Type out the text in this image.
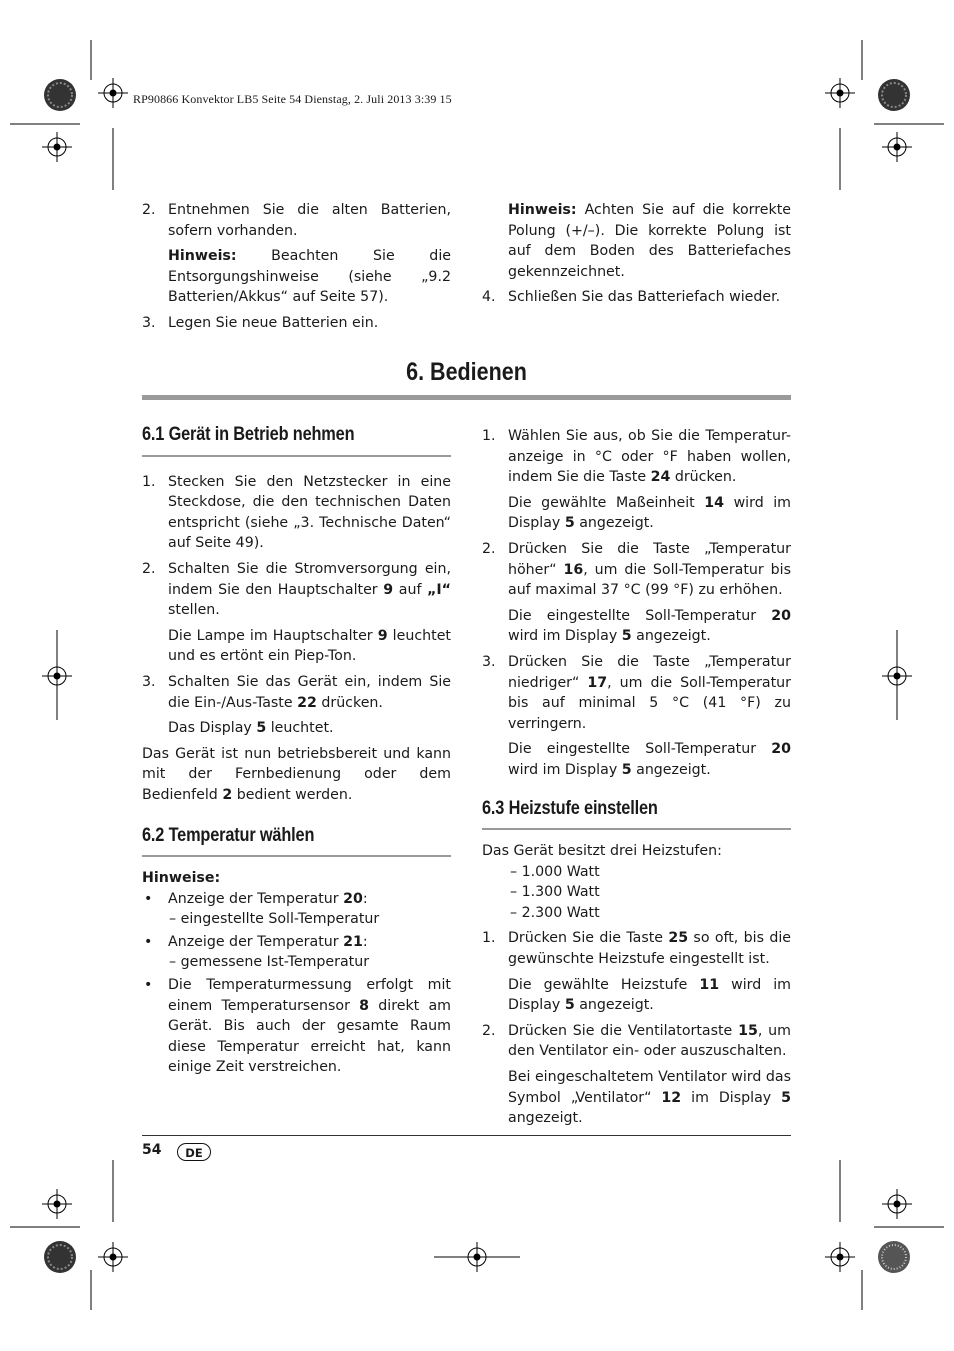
RP90866 Konvektor LB5 Seite 54 Dienstag, 2. Juli 2013 3:39 15
2. Entnehmen Sie die alten Batterien, sofern vorhanden.

Hinweis: Beachten Sie die Entsorgungshinweise (siehe „9.2 Batterien/Akkus“ auf Seite 57).

3. Legen Sie neue Batterien ein.

Hinweis: Achten Sie auf die korrekte Polung (+/–). Die korrekte Polung ist auf dem Boden des Batteriefaches gekennzeichnet.

4. Schließen Sie das Batteriefach wieder.
6. Bedienen
6.1 Gerät in Betrieb nehmen
1. Stecken Sie den Netzstecker in eine Steckdose, die den technischen Daten entspricht (siehe „3. Technische Daten“ auf Seite 49).
2. Schalten Sie die Stromversorgung ein, indem Sie den Hauptschalter 9 auf „I“ stellen.

Die Lampe im Hauptschalter 9 leuchtet und es ertönt ein Piep-Ton.

3. Schalten Sie das Gerät ein, indem Sie die Ein-/Aus-Taste 22 drücken.

Das Display 5 leuchtet.

Das Gerät ist nun betriebsbereit und kann mit der Fernbedienung oder dem Bedienfeld 2 bedient werden.

6.2 Temperatur wählen

Hinweise:

• Anzeige der Temperatur 20:

– eingestellte Soll-Temperatur

• Anzeige der Temperatur 21:

– gemessene Ist-Temperatur

• Die Temperaturmessung erfolgt mit einem Temperatursensor 8 direkt am Gerät. Bis auch der gesamte Raum diese Temperatur erreicht hat, kann einige Zeit verstreichen.
1. Wählen Sie aus, ob Sie die Temperatur-anzeige in °C oder °F haben wollen, indem Sie die Taste 24 drücken.

Die gewählte Maßeinheit 14 wird im Display 5 angezeigt.

2. Drücken Sie die Taste „Temperatur höher“ 16, um die Soll-Temperatur bis auf maximal 37 °C (99 °F) zu erhöhen.

Die eingestellte Soll-Temperatur 20 wird im Display 5 angezeigt.

3. Drücken Sie die Taste „Temperatur niedriger“ 17, um die Soll-Temperatur bis auf minimal 5 °C (41 °F) zu verringern.

Die eingestellte Soll-Temperatur 20 wird im Display 5 angezeigt.

6.3 Heizstufe einstellen

Das Gerät besitzt drei Heizstufen:

– 1.000 Watt

– 1.300 Watt

– 2.300 Watt

1. Drücken Sie die Taste 25 so oft, bis die gewünschte Heizstufe eingestellt ist.

Die gewählte Heizstufe 11 wird im Display 5 angezeigt.

2. Drücken Sie die Ventilatortaste 15, um den Ventilator ein- oder auszuschalten.

Bei eingeschaltetem Ventilator wird das Symbol „Ventilator“ 12 im Display 5 angezeigt.

54	DE
